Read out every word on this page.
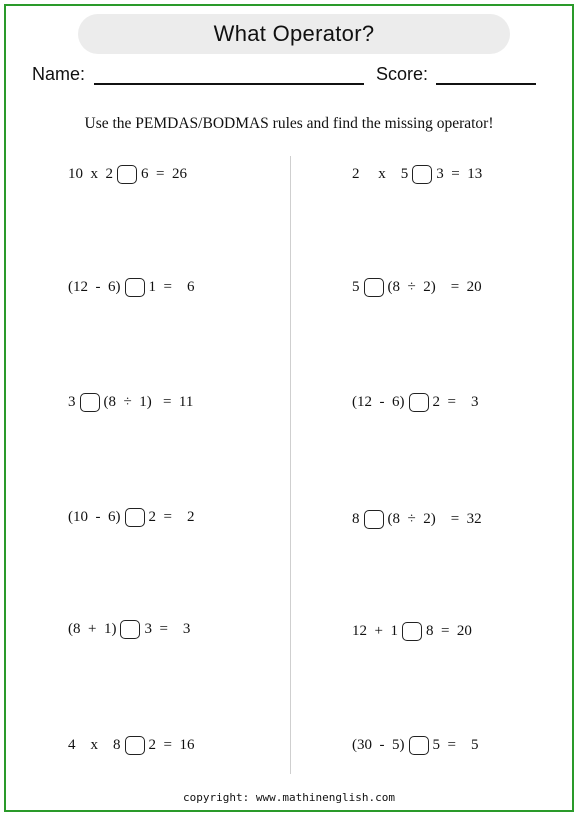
What Operator?
Name:	Score:
Use the PEMDAS/BODMAS rules and find the missing operator!
10  x  2 6  =  26
(12  -  6) 1  =    6
3 (8  ÷  1)   =  11
(10  -  6) 2  =    2
(8  +  1) 3  =    3
4    x    8 2  =  16
2     x    5 3  =  13
5 (8  ÷  2)    =  20
(12  -  6) 2  =    3
8 (8  ÷  2)    =  32
12  +  1 8  =  20
(30  -  5) 5  =    5
copyright: www.mathinenglish.com
